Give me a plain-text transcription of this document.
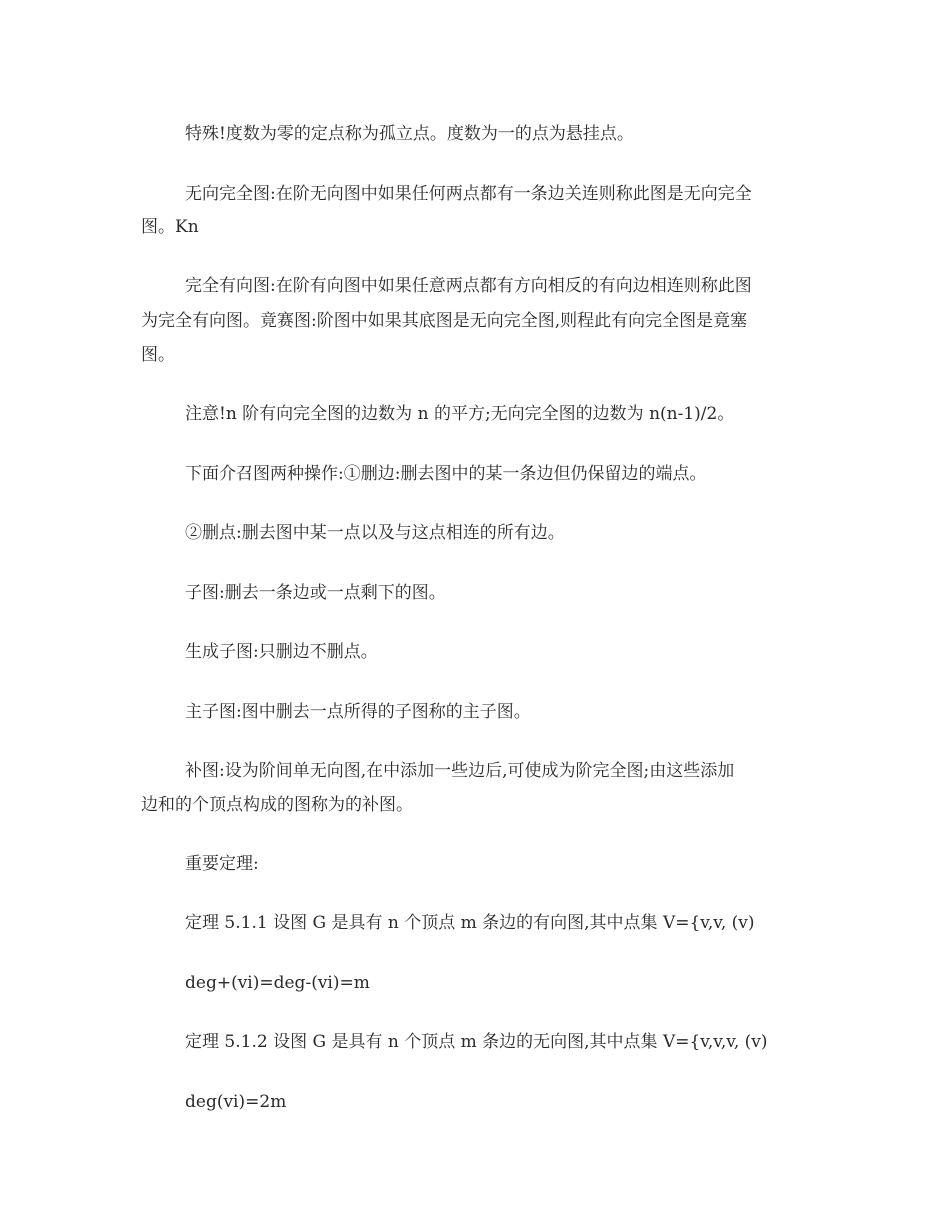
特殊!度数为零的定点称为孤立点。度数为一的点为悬挂点。
无向完全图:在阶无向图中如果任何两点都有一条边关连则称此图是无向完全
图。Kn
完全有向图:在阶有向图中如果任意两点都有方向相反的有向边相连则称此图
为完全有向图。竟赛图:阶图中如果其底图是无向完全图,则程此有向完全图是竟塞
图。
注意!n 阶有向完全图的边数为 n 的平方;无向完全图的边数为 n(n-1)/2。
下面介召图两种操作:①删边:删去图中的某一条边但仍保留边的端点。
②删点:删去图中某一点以及与这点相连的所有边。
子图:删去一条边或一点剩下的图。
生成子图:只删边不删点。
主子图:图中删去一点所得的子图称的主子图。
补图:设为阶间单无向图,在中添加一些边后,可使成为阶完全图;由这些添加
边和的个顶点构成的图称为的补图。
重要定理:
定理 5.1.1 设图 G 是具有 n 个顶点 m 条边的有向图,其中点集 V={v,v, (v)
deg+(vi)=deg-(vi)=m
定理 5.1.2 设图 G 是具有 n 个顶点 m 条边的无向图,其中点集 V={v,v,v, (v)
deg(vi)=2m
